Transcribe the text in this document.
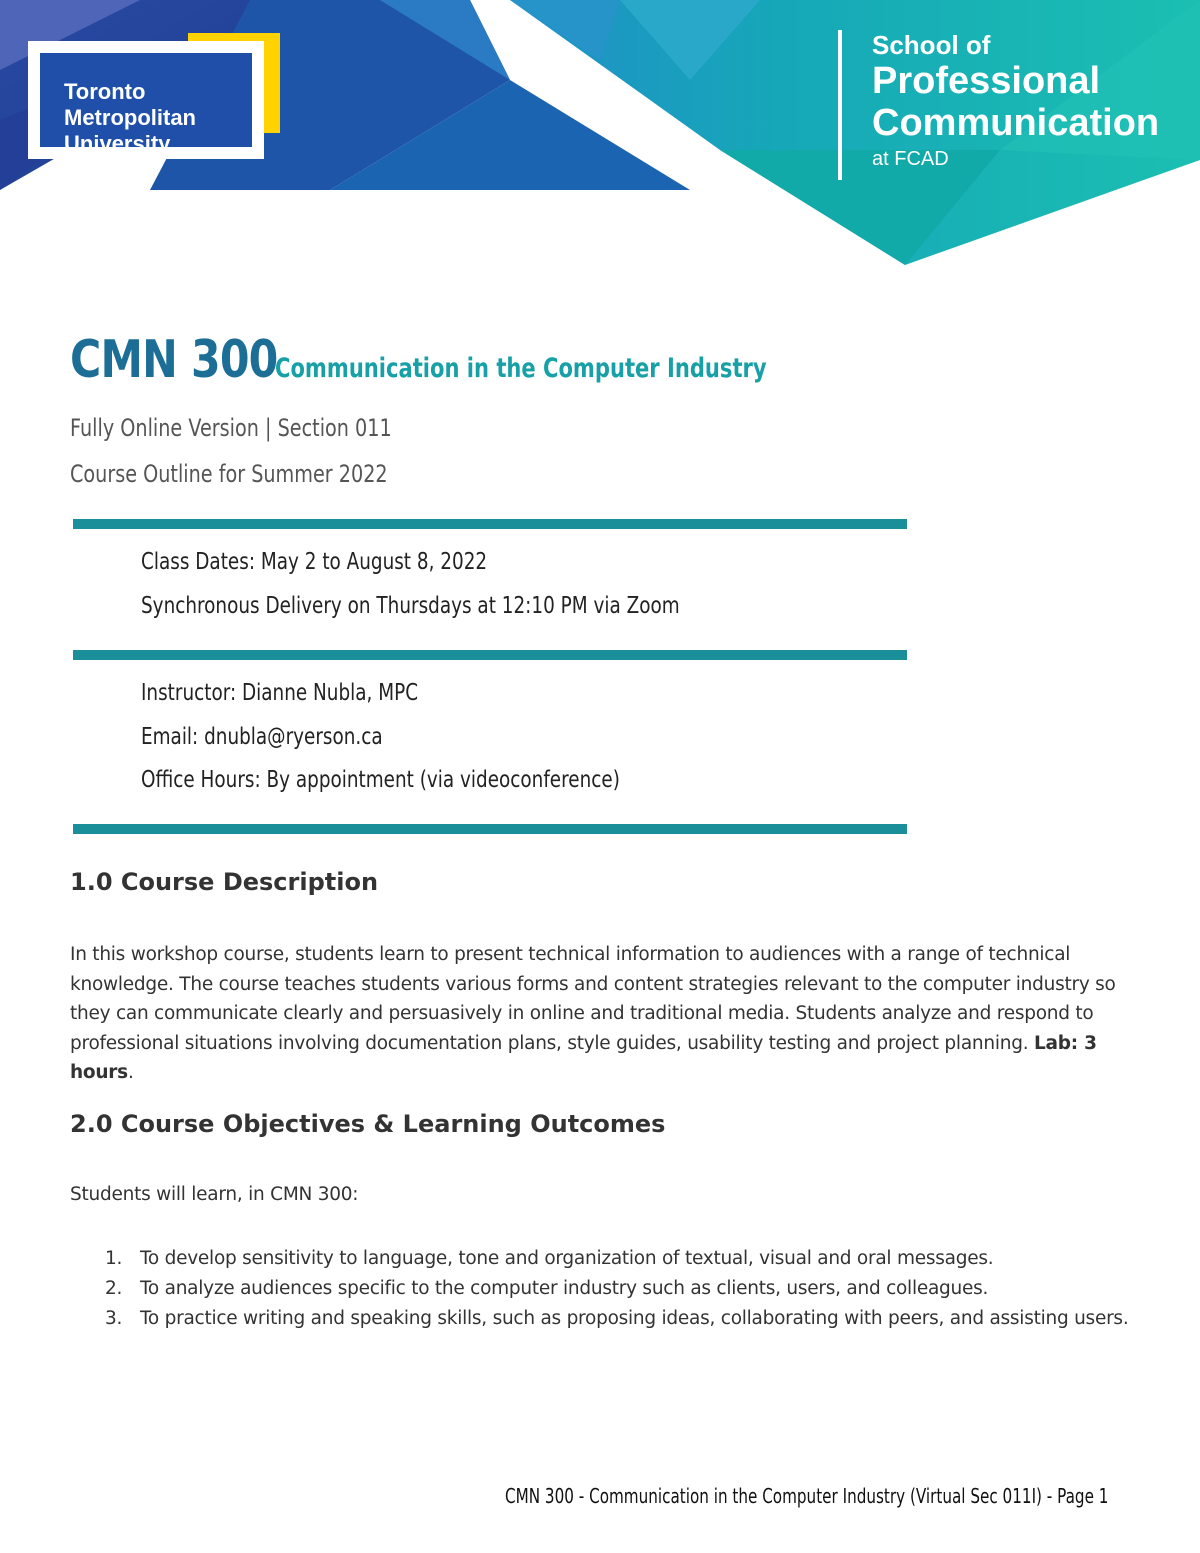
Toronto
Metropolitan
University

School of
Professional
Communication
at FCAD
CMN 300Communication in the Computer Industry
Fully Online Version | Section 011
Course Outline for Summer 2022
Class Dates: May 2 to August 8, 2022
Synchronous Delivery on Thursdays at 12:10 PM via Zoom
Instructor: Dianne Nubla, MPC
Email: dnubla@ryerson.ca
Office Hours: By appointment (via videoconference)
1.0 Course Description

In this workshop course, students learn to present technical information to audiences with a range of technical knowledge. The course teaches students various forms and content strategies relevant to the computer industry so they can communicate clearly and persuasively in online and traditional media. Students analyze and respond to professional situations involving documentation plans, style guides, usability testing and project planning. Lab: 3 hours.

2.0 Course Objectives & Learning Outcomes

Students will learn, in CMN 300:

1. To develop sensitivity to language, tone and organization of textual, visual and oral messages.
2. To analyze audiences specific to the computer industry such as clients, users, and colleagues.
3. To practice writing and speaking skills, such as proposing ideas, collaborating with peers, and assisting users.
CMN 300 - Communication in the Computer Industry (Virtual Sec 011I) - Page 1
